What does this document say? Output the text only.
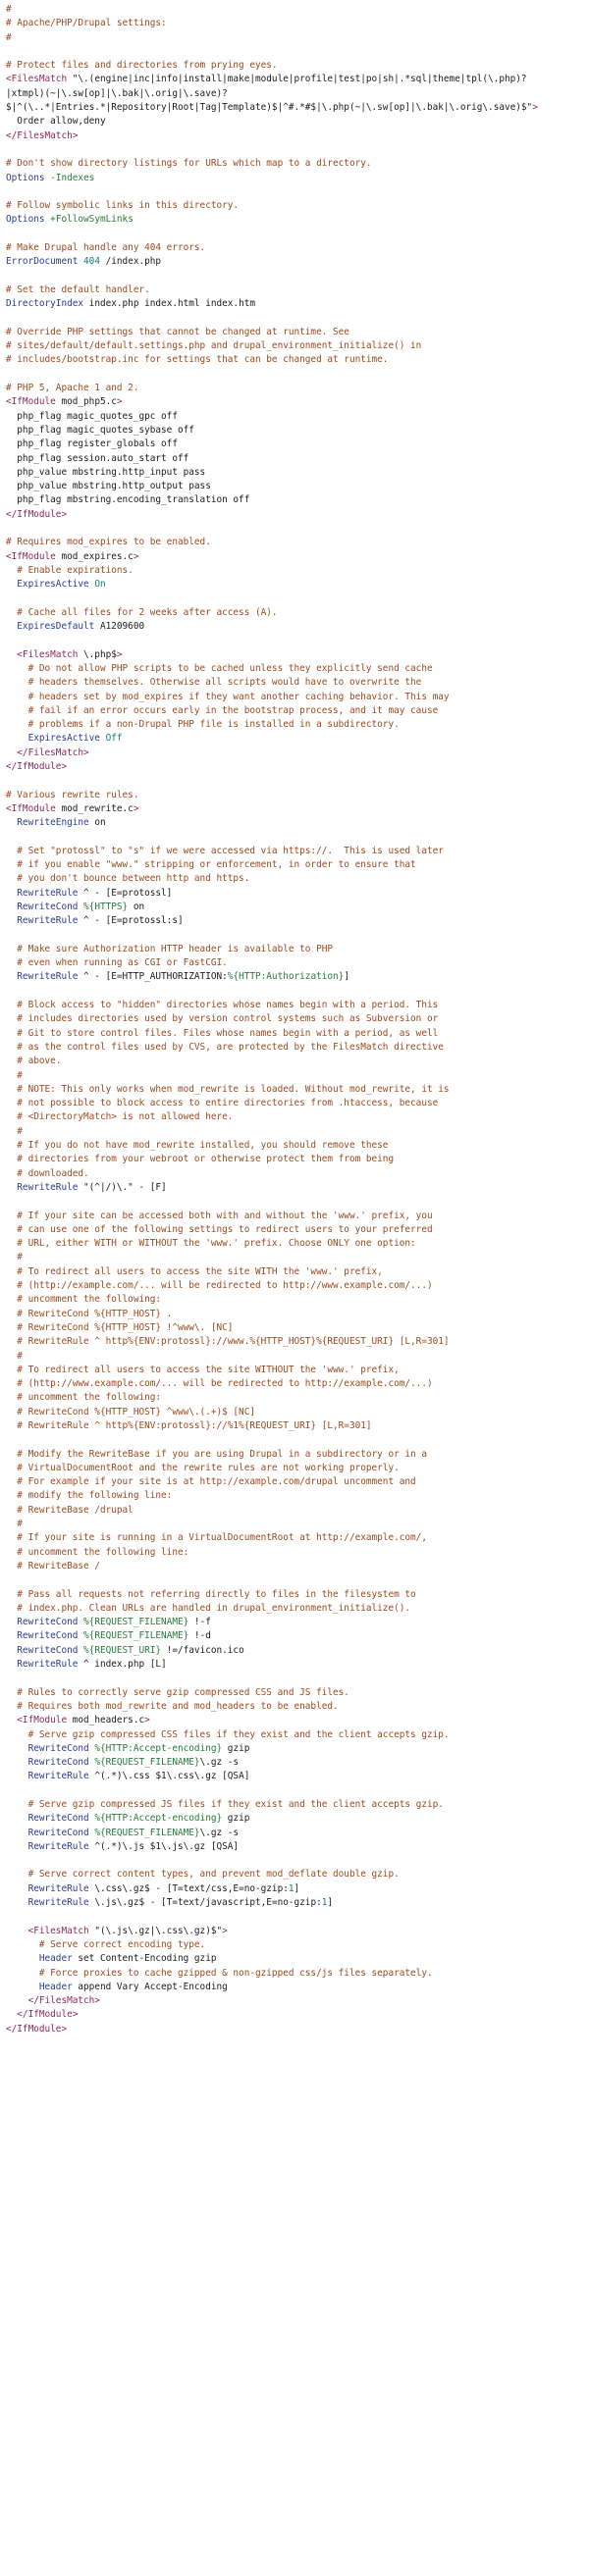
#
# Apache/PHP/Drupal settings:
#

# Protect files and directories from prying eyes.
<FilesMatch "\.(engine|inc|info|install|make|module|profile|test|po|sh|.*sql|theme|tpl(\.php)?
|xtmpl)(~|\.sw[op]|\.bak|\.orig|\.save)?
$|^(\..*|Entries.*|Repository|Root|Tag|Template)$|^#.*#$|\.php(~|\.sw[op]|\.bak|\.orig\.save)$">
Order allow,deny
</FilesMatch>

# Don't show directory listings for URLs which map to a directory.
Options -Indexes

# Follow symbolic links in this directory.
Options +FollowSymLinks

# Make Drupal handle any 404 errors.
ErrorDocument 404 /index.php

# Set the default handler.
DirectoryIndex index.php index.html index.htm

# Override PHP settings that cannot be changed at runtime. See
# sites/default/default.settings.php and drupal_environment_initialize() in
# includes/bootstrap.inc for settings that can be changed at runtime.

# PHP 5, Apache 1 and 2.
<IfModule mod_php5.c>
php_flag magic_quotes_gpc off
php_flag magic_quotes_sybase off
php_flag register_globals off
php_flag session.auto_start off
php_value mbstring.http_input pass
php_value mbstring.http_output pass
php_flag mbstring.encoding_translation off
</IfModule>

# Requires mod_expires to be enabled.
<IfModule mod_expires.c>
# Enable expirations.
ExpiresActive On

# Cache all files for 2 weeks after access (A).
ExpiresDefault A1209600

<FilesMatch \.php$>
# Do not allow PHP scripts to be cached unless they explicitly send cache
# headers themselves. Otherwise all scripts would have to overwrite the
# headers set by mod_expires if they want another caching behavior. This may
# fail if an error occurs early in the bootstrap process, and it may cause
# problems if a non-Drupal PHP file is installed in a subdirectory.
ExpiresActive Off
</FilesMatch>
</IfModule>

# Various rewrite rules.
<IfModule mod_rewrite.c>
RewriteEngine on

# Set "protossl" to "s" if we were accessed via https://.  This is used later
# if you enable "www." stripping or enforcement, in order to ensure that
# you don't bounce between http and https.
RewriteRule ^ - [E=protossl]
RewriteCond %{HTTPS} on
RewriteRule ^ - [E=protossl:s]

# Make sure Authorization HTTP header is available to PHP
# even when running as CGI or FastCGI.
RewriteRule ^ - [E=HTTP_AUTHORIZATION:%{HTTP:Authorization}]

# Block access to "hidden" directories whose names begin with a period. This
# includes directories used by version control systems such as Subversion or
# Git to store control files. Files whose names begin with a period, as well
# as the control files used by CVS, are protected by the FilesMatch directive
# above.
#
# NOTE: This only works when mod_rewrite is loaded. Without mod_rewrite, it is
# not possible to block access to entire directories from .htaccess, because
# <DirectoryMatch> is not allowed here.
#
# If you do not have mod_rewrite installed, you should remove these
# directories from your webroot or otherwise protect them from being
# downloaded.
RewriteRule "(^|/)\." - [F]

# If your site can be accessed both with and without the 'www.' prefix, you
# can use one of the following settings to redirect users to your preferred
# URL, either WITH or WITHOUT the 'www.' prefix. Choose ONLY one option:
#
# To redirect all users to access the site WITH the 'www.' prefix,
# (http://example.com/... will be redirected to http://www.example.com/...)
# uncomment the following:
# RewriteCond %{HTTP_HOST} .
# RewriteCond %{HTTP_HOST} !^www\. [NC]
# RewriteRule ^ http%{ENV:protossl}://www.%{HTTP_HOST}%{REQUEST_URI} [L,R=301]
#
# To redirect all users to access the site WITHOUT the 'www.' prefix,
# (http://www.example.com/... will be redirected to http://example.com/...)
# uncomment the following:
# RewriteCond %{HTTP_HOST} ^www\.(.+)$ [NC]
# RewriteRule ^ http%{ENV:protossl}://%1%{REQUEST_URI} [L,R=301]

# Modify the RewriteBase if you are using Drupal in a subdirectory or in a
# VirtualDocumentRoot and the rewrite rules are not working properly.
# For example if your site is at http://example.com/drupal uncomment and
# modify the following line:
# RewriteBase /drupal
#
# If your site is running in a VirtualDocumentRoot at http://example.com/,
# uncomment the following line:
# RewriteBase /

# Pass all requests not referring directly to files in the filesystem to
# index.php. Clean URLs are handled in drupal_environment_initialize().
RewriteCond %{REQUEST_FILENAME} !-f
RewriteCond %{REQUEST_FILENAME} !-d
RewriteCond %{REQUEST_URI} !=/favicon.ico
RewriteRule ^ index.php [L]

# Rules to correctly serve gzip compressed CSS and JS files.
# Requires both mod_rewrite and mod_headers to be enabled.
<IfModule mod_headers.c>
# Serve gzip compressed CSS files if they exist and the client accepts gzip.
RewriteCond %{HTTP:Accept-encoding} gzip
RewriteCond %{REQUEST_FILENAME}\.gz -s
RewriteRule ^(.*)\.css $1\.css\.gz [QSA]

# Serve gzip compressed JS files if they exist and the client accepts gzip.
RewriteCond %{HTTP:Accept-encoding} gzip
RewriteCond %{REQUEST_FILENAME}\.gz -s
RewriteRule ^(.*)\.js $1\.js\.gz [QSA]

# Serve correct content types, and prevent mod_deflate double gzip.
RewriteRule \.css\.gz$ - [T=text/css,E=no-gzip:1]
RewriteRule \.js\.gz$ - [T=text/javascript,E=no-gzip:1]

<FilesMatch "(\.js\.gz|\.css\.gz)$">
# Serve correct encoding type.
Header set Content-Encoding gzip
# Force proxies to cache gzipped & non-gzipped css/js files separately.
Header append Vary Accept-Encoding
</FilesMatch>
</IfModule>
</IfModule>
